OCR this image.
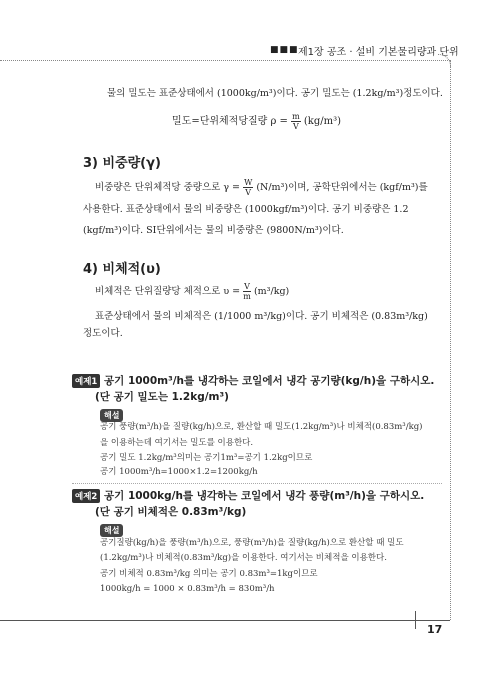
■■■ 제1장 공조 · 설비 기본물리량과 단위
물의 밀도는 표준상태에서 (1000kg/m³)이다. 공기 밀도는 (1.2kg/m³)정도이다.
밀도=단위체적당질량 $\rho = \frac{m}{V} (kg/m^3)$
3) 비중량(γ)
비중량은 단위체적당 중량으로 $\gamma = \frac{W}{V} (N/m^3)$이며, 공학단위에서는 (kgf/m³)를
사용한다. 표준상태에서 물의 비중량은 (1000kgf/m³)이다. 공기 비중량은 1.2
(kgf/m³)이다. SI단위에서는 물의 비중량은 (9800N/m³)이다.
4) 비체적(υ)
비체적은 단위질량당 체적으로 $\upsilon = \frac{V}{m} (m^3/kg)$
표준상태에서 물의 비체적은 (1/1000 m³/kg)이다. 공기 비체적은 (0.83m³/kg)
정도이다.
예제1 공기 1000m³/h를 냉각하는 코일에서 냉각 공기량(kg/h)을 구하시오.
(단 공기 밀도는 1.2kg/m³)
해설
공기 풍량(m³/h)을 질량(kg/h)으로, 환산할 때 밀도(1.2kg/m³)나 비체적(0.83m³/kg)
을 이용하는데 여기서는 밀도를 이용한다.
공기 밀도 1.2kg/m³의미는 공기1m³=공기 1.2kg이므로
공기 1000m³/h=1000×1.2=1200kg/h
예제2 공기 1000kg/h를 냉각하는 코일에서 냉각 풍량(m³/h)을 구하시오.
(단 공기 비체적은 0.83m³/kg)
해설
공기질량(kg/h)을 풍량(m³/h)으로, 풍량(m³/h)을 질량(kg/h)으로 환산할 때 밀도
(1.2kg/m³)나 비체적(0.83m³/kg)을 이용한다. 여기서는 비체적을 이용한다.
공기 비체적 0.83m³/kg 의미는 공기 0.83m³=1kg이므로
1000kg/h = 1000 × 0.83m³/h = 830m³/h
17
